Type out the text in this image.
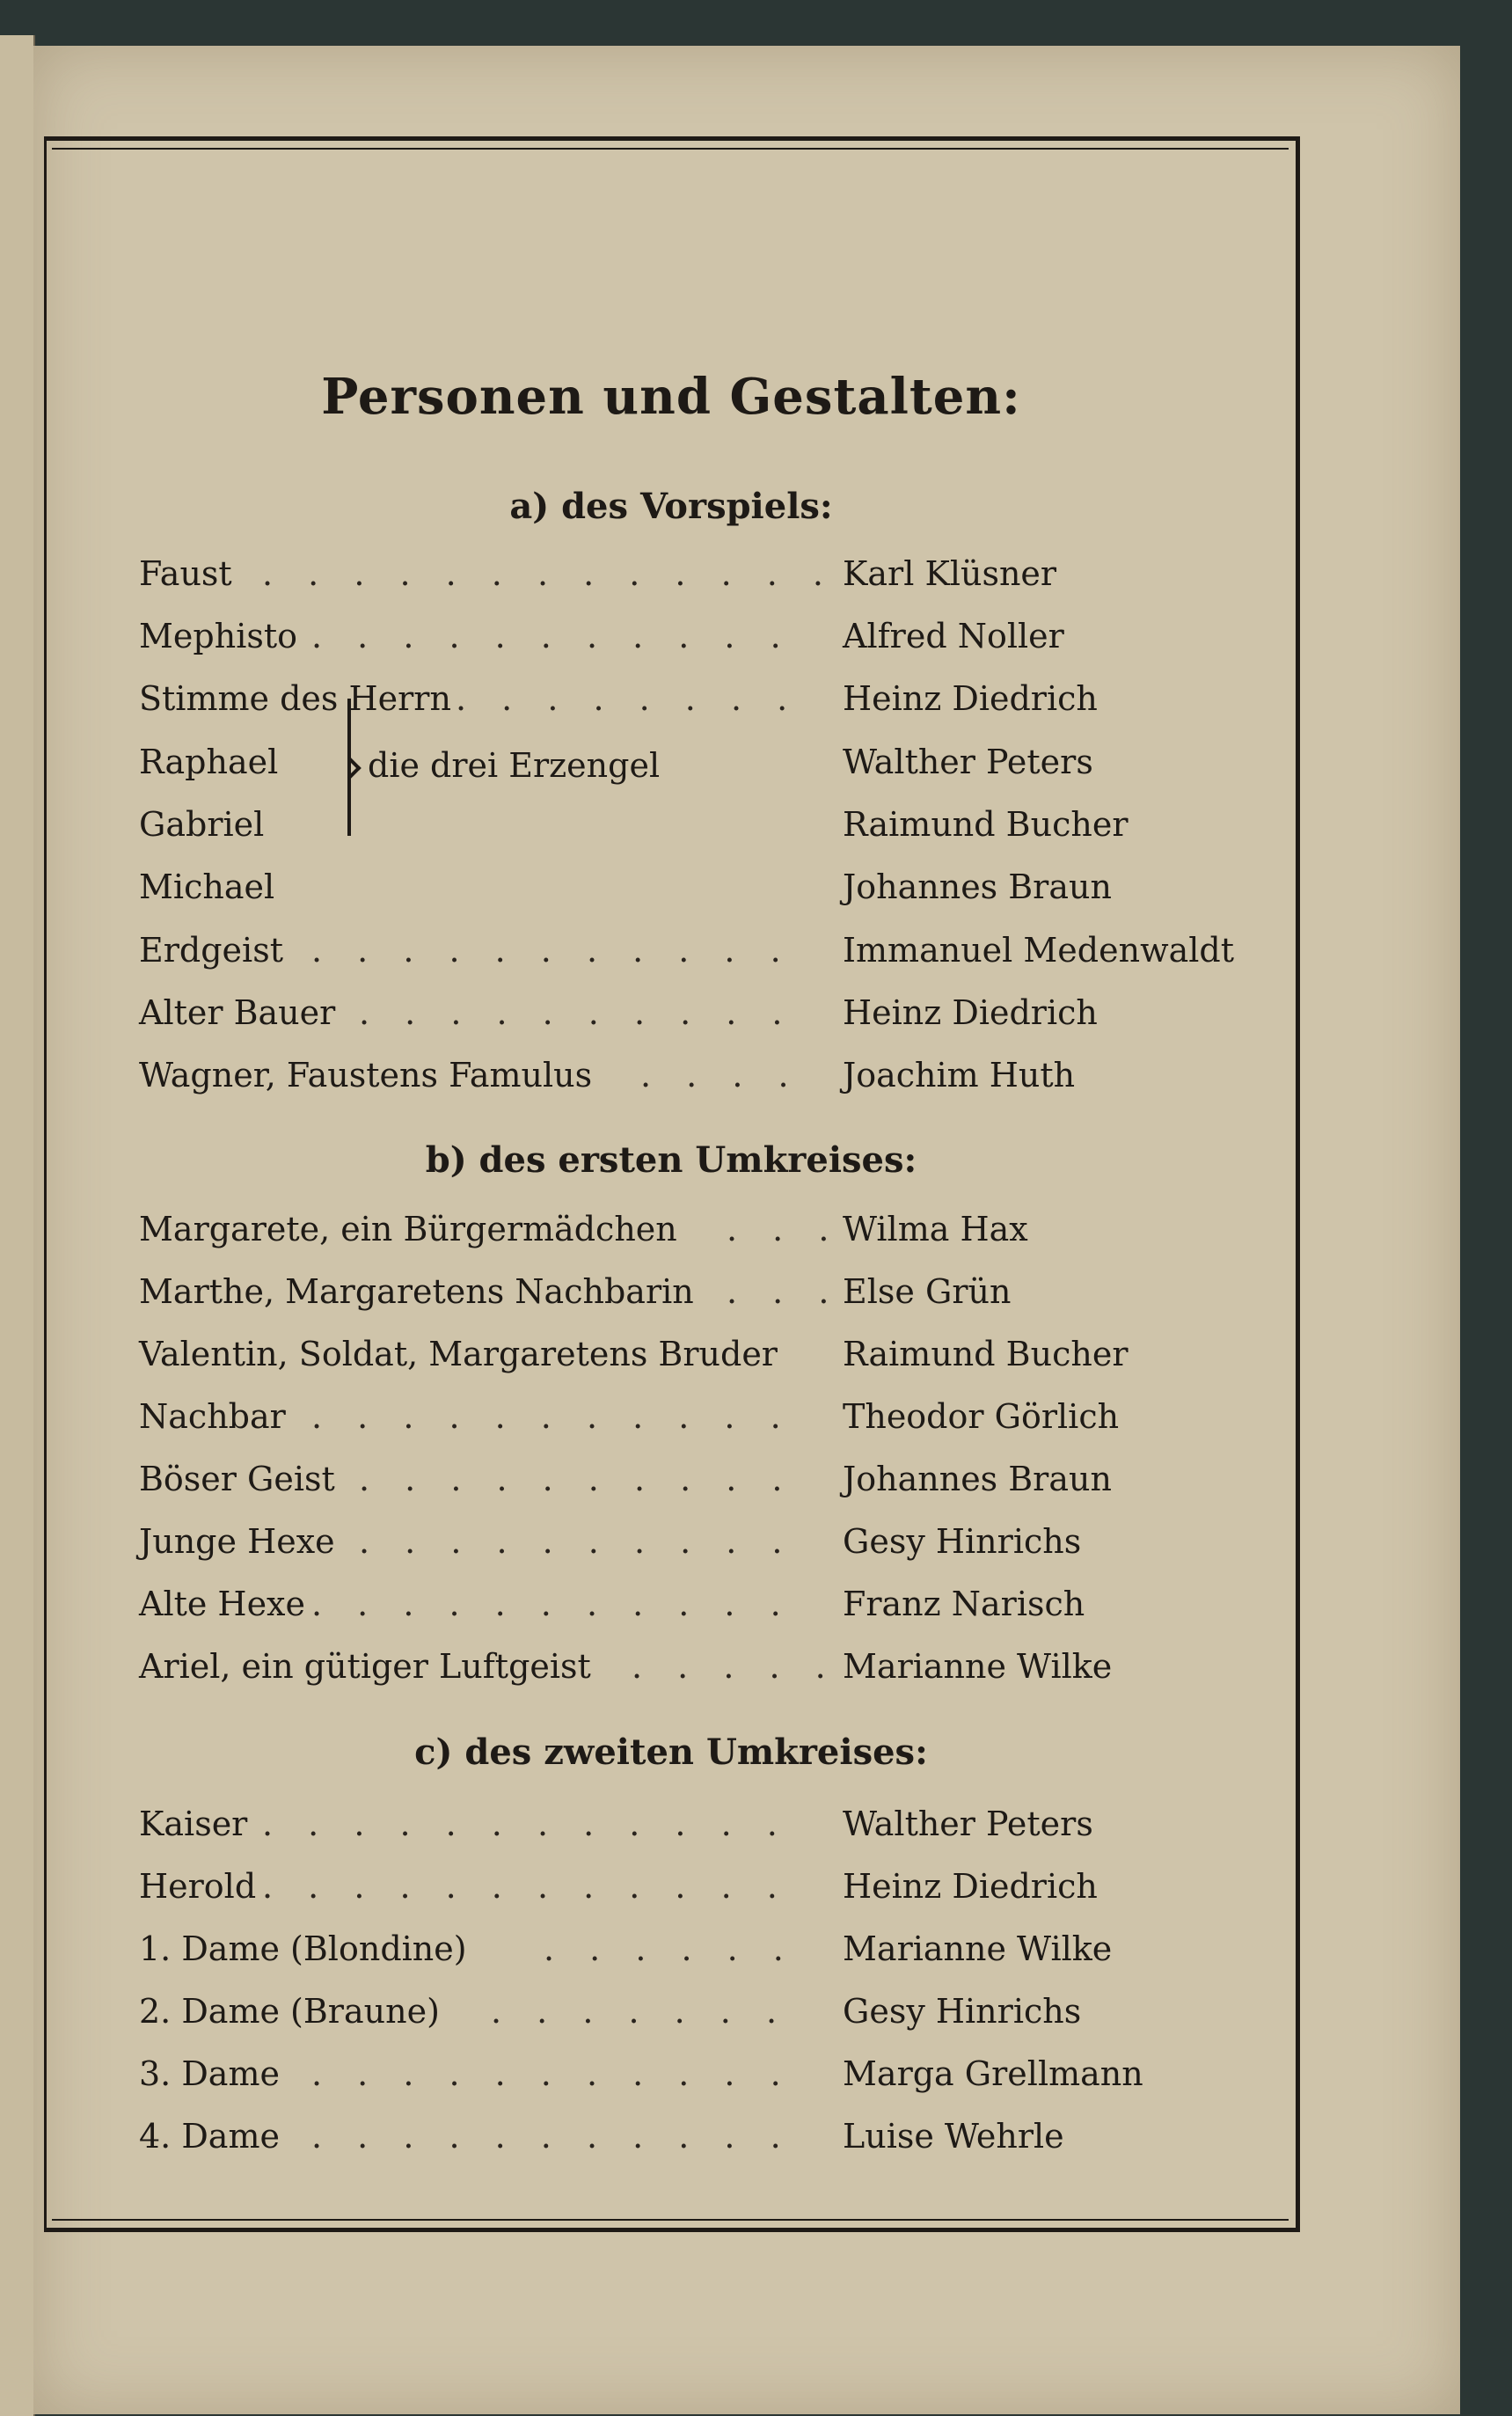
Personen und Gestalten:
a) des Vorspiels:
Faust . . . . . . . . . . . . . Karl Klüsner
Mephisto . . . . . . . . . . . Alfred Noller
Stimme des Herrn . . . . . . . . Heinz Diedrich
Raphael	Walther Peters
Gabriel	Raimund Bucher
Michael	Johannes Braun
die drei Erzengel
Erdgeist . . . . . . . . . . . Immanuel Medenwaldt
Alter Bauer . . . . . . . . . . Heinz Diedrich
Wagner, Faustens Famulus . . . . Joachim Huth
b) des ersten Umkreises:
Margarete, ein Bürgermädchen . . . Wilma Hax
Marthe, Margaretens Nachbarin . . . Else Grün
Valentin, Soldat, Margaretens Bruder Raimund Bucher
Nachbar . . . . . . . . . . . Theodor Görlich
Böser Geist . . . . . . . . . . Johannes Braun
Junge Hexe . . . . . . . . . . Gesy Hinrichs
Alte Hexe . . . . . . . . . . . Franz Narisch
Ariel, ein gütiger Luftgeist . . . . . Marianne Wilke
c) des zweiten Umkreises:
Kaiser . . . . . . . . . . . . Walther Peters
Herold . . . . . . . . . . . . Heinz Diedrich
1. Dame (Blondine) . . . . . . Marianne Wilke
2. Dame (Braune) . . . . . . . Gesy Hinrichs
3. Dame . . . . . . . . . . . Marga Grellmann
4. Dame . . . . . . . . . . . Luise Wehrle
